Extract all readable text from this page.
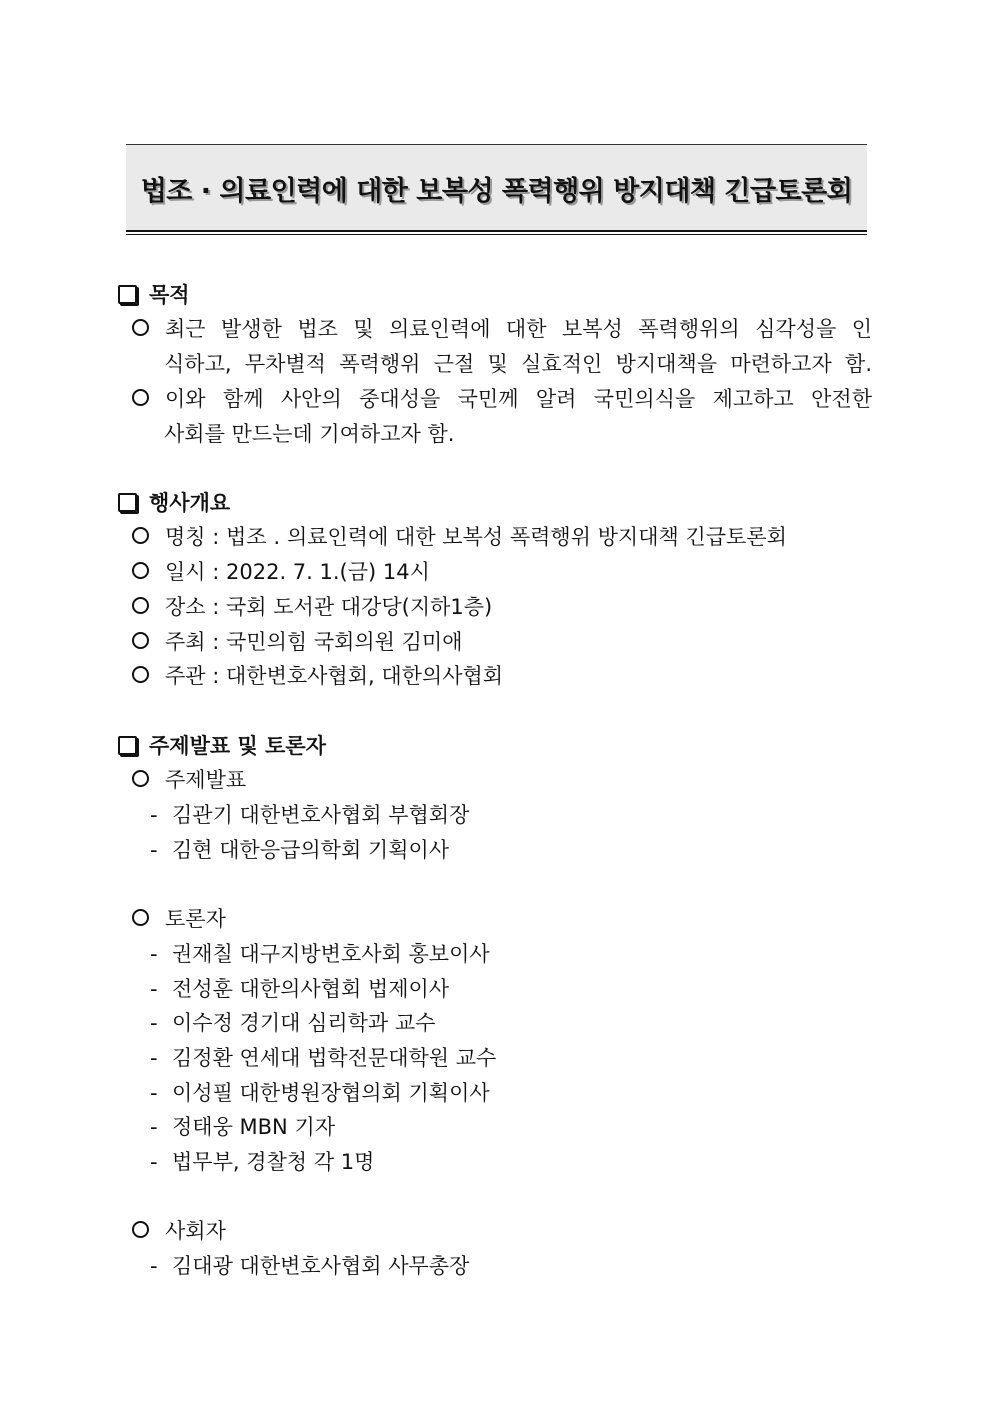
법조 · 의료인력에 대한 보복성 폭력행위 방지대책 긴급토론회
목적
최근 발생한 법조 및 의료인력에 대한 보복성 폭력행위의 심각성을 인
식하고, 무차별적 폭력행위 근절 및 실효적인 방지대책을 마련하고자 함.
이와 함께 사안의 중대성을 국민께 알려 국민의식을 제고하고 안전한
사회를 만드는데 기여하고자 함.
행사개요
명칭 : 법조 ․ 의료인력에 대한 보복성 폭력행위 방지대책 긴급토론회
일시 : 2022. 7. 1.(금) 14시
장소 : 국회 도서관 대강당(지하1층)
주최 : 국민의힘 국회의원 김미애
주관 : 대한변호사협회, 대한의사협회
주제발표 및 토론자
주제발표
- 김관기 대한변호사협회 부협회장
- 김현 대한응급의학회 기획이사
토론자
- 권재칠 대구지방변호사회 홍보이사
- 전성훈 대한의사협회 법제이사
- 이수정 경기대 심리학과 교수
- 김정환 연세대 법학전문대학원 교수
- 이성필 대한병원장협의회 기획이사
- 정태웅 MBN 기자
- 법무부, 경찰청 각 1명
사회자
- 김대광 대한변호사협회 사무총장
